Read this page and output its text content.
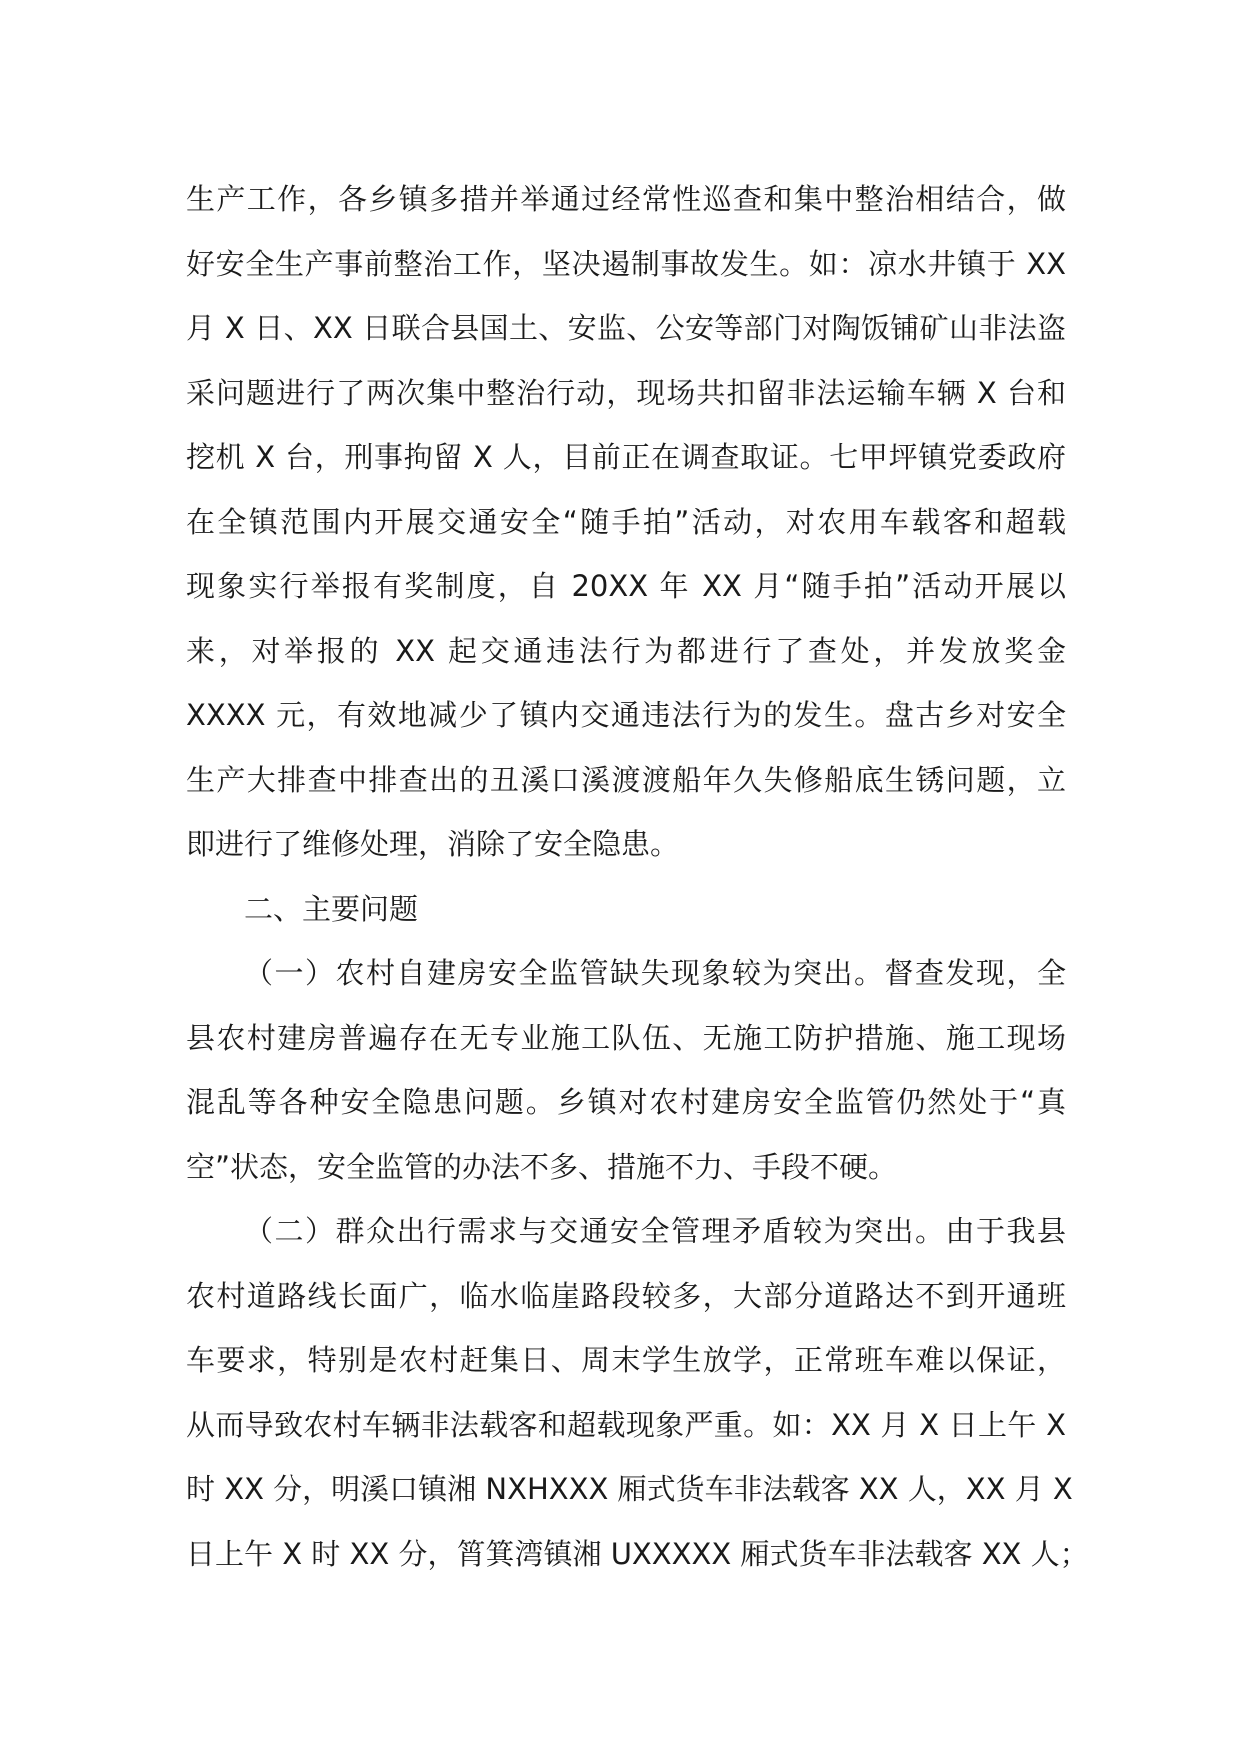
生产工作，各乡镇多措并举通过经常性巡查和集中整治相结合，做
好安全生产事前整治工作，坚决遏制事故发生。如：凉水井镇于 XX
月 X 日、XX 日联合县国土、安监、公安等部门对陶饭铺矿山非法盗
采问题进行了两次集中整治行动，现场共扣留非法运输车辆 X 台和
挖机 X 台，刑事拘留 X 人，目前正在调查取证。七甲坪镇党委政府
在全镇范围内开展交通安全“随手拍”活动，对农用车载客和超载
现象实行举报有奖制度，自 20XX 年 XX 月“随手拍”活动开展以
来，对举报的 XX 起交通违法行为都进行了查处，并发放奖金
XXXX 元，有效地减少了镇内交通违法行为的发生。盘古乡对安全
生产大排查中排查出的丑溪口溪渡渡船年久失修船底生锈问题，立
即进行了维修处理，消除了安全隐患。
二、主要问题
（一）农村自建房安全监管缺失现象较为突出。督查发现，全
县农村建房普遍存在无专业施工队伍、无施工防护措施、施工现场
混乱等各种安全隐患问题。乡镇对农村建房安全监管仍然处于“真
空”状态，安全监管的办法不多、措施不力、手段不硬。
（二）群众出行需求与交通安全管理矛盾较为突出。由于我县
农村道路线长面广，临水临崖路段较多，大部分道路达不到开通班
车要求，特别是农村赶集日、周末学生放学，正常班车难以保证，
从而导致农村车辆非法载客和超载现象严重。如：XX 月 X 日上午 X
时 XX 分，明溪口镇湘 NXHXXX 厢式货车非法载客 XX 人，XX 月 X
日上午 X 时 XX 分，筲箕湾镇湘 UXXXXX 厢式货车非法载客 XX 人；
